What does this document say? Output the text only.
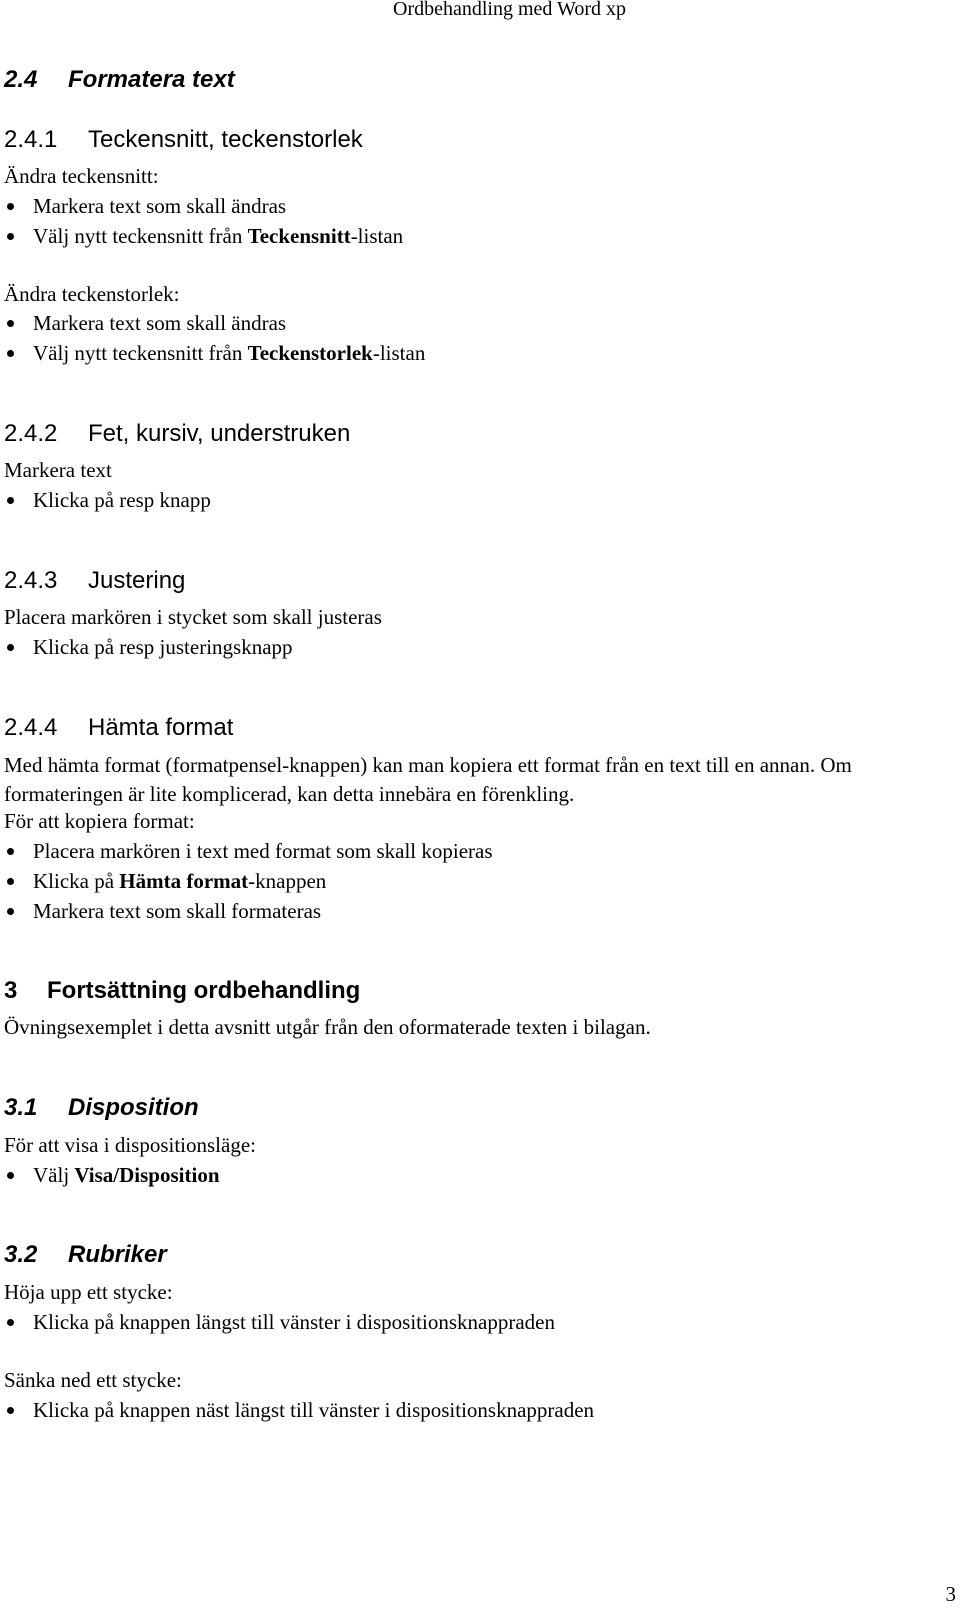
Ordbehandling med Word xp
2.4 Formatera text
2.4.1 Teckensnitt, teckenstorlek
Ändra teckensnitt:
Markera text som skall ändras
Välj nytt teckensnitt från Teckensnitt-listan
Ändra teckenstorlek:
Markera text som skall ändras
Välj nytt teckensnitt från Teckenstorlek-listan
2.4.2 Fet, kursiv, understruken
Markera text
Klicka på resp knapp
2.4.3 Justering
Placera markören i stycket som skall justeras
Klicka på resp justeringsknapp
2.4.4 Hämta format
Med hämta format (formatpensel-knappen) kan man kopiera ett format från en text till en annan. Om formateringen är lite komplicerad, kan detta innebära en förenkling.
För att kopiera format:
Placera markören i text med format som skall kopieras
Klicka på Hämta format-knappen
Markera text som skall formateras
3 Fortsättning ordbehandling
Övningsexemplet i detta avsnitt utgår från den oformaterade texten i bilagan.
3.1 Disposition
För att visa i dispositionsläge:
Välj Visa/Disposition
3.2 Rubriker
Höja upp ett stycke:
Klicka på knappen längst till vänster i dispositionsknappraden
Sänka ned ett stycke:
Klicka på knappen näst längst till vänster i dispositionsknappraden
3
